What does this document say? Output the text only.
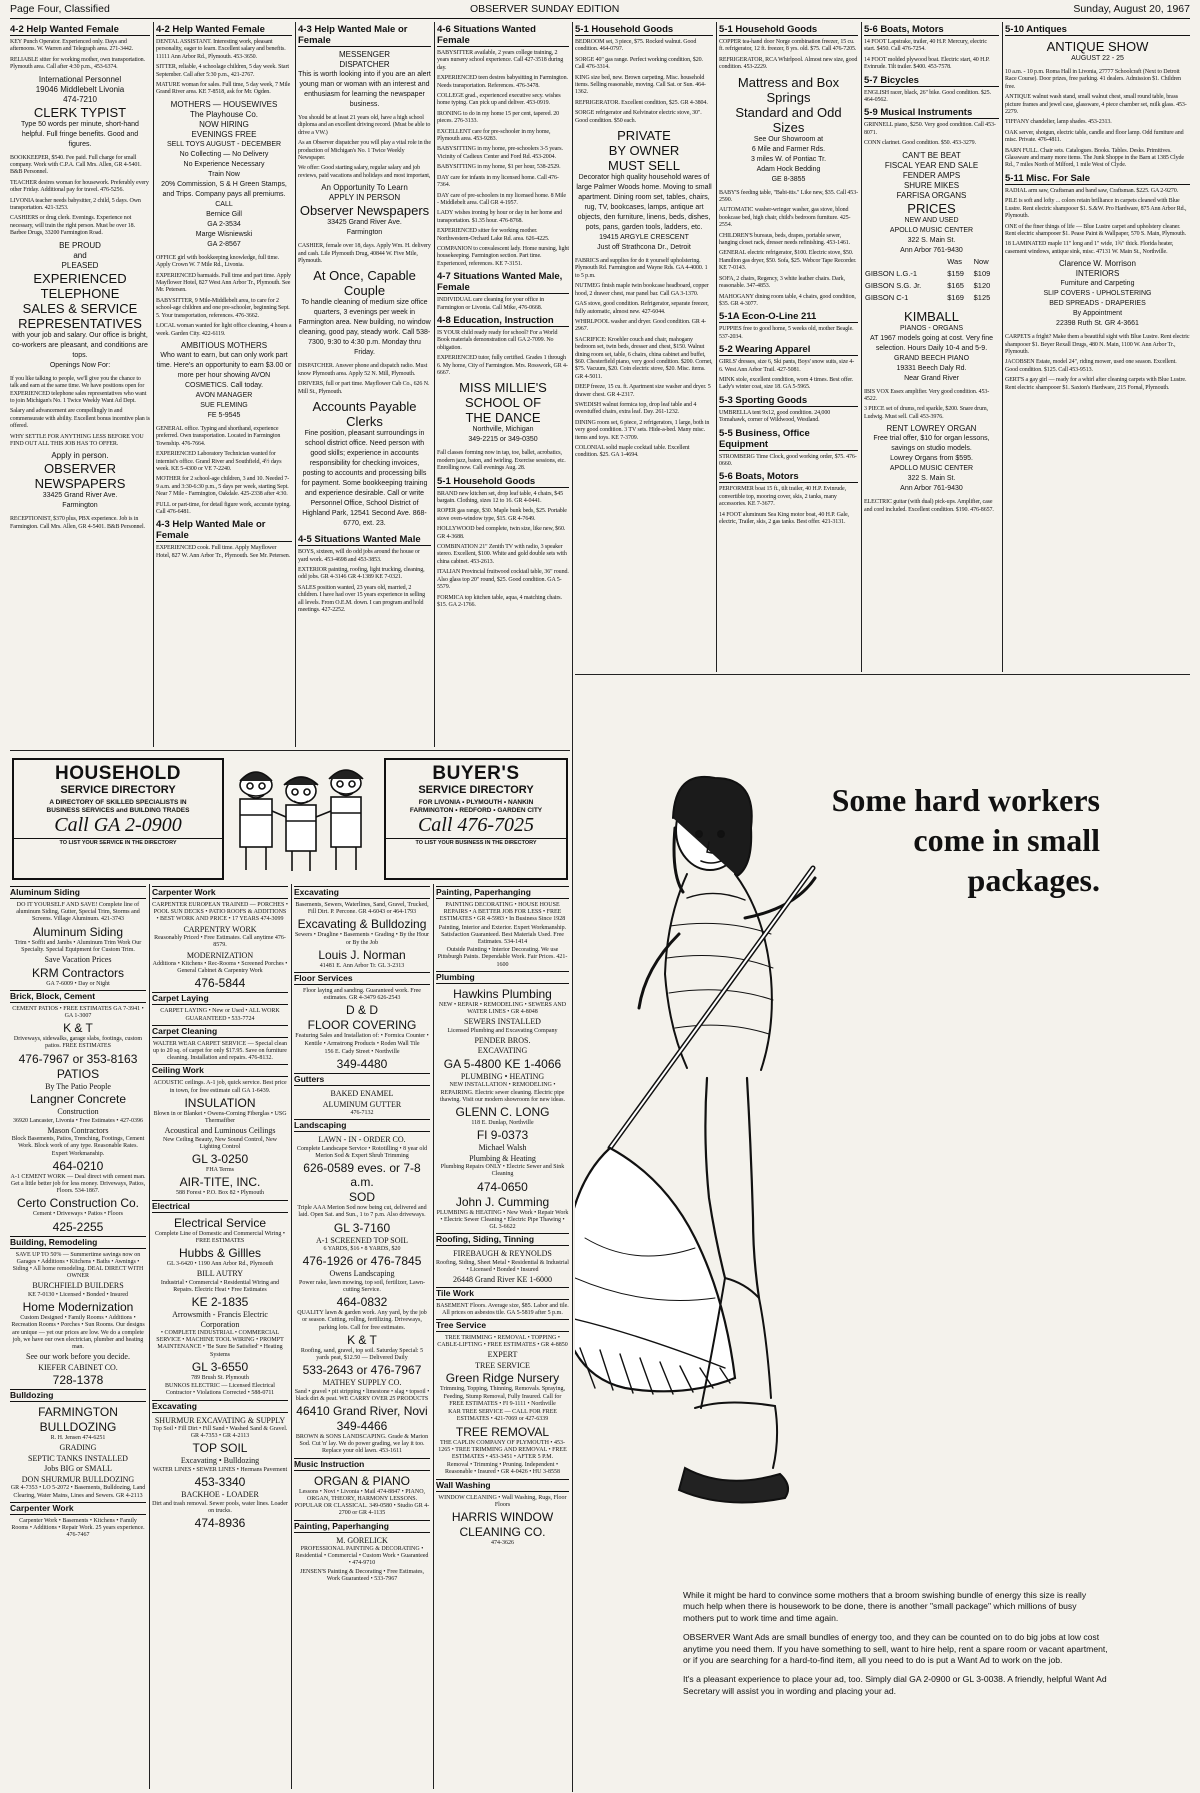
Page Four, Classified	OBSERVER SUNDAY EDITION	Sunday, August 20, 1967
4-2 Help Wanted Female
KEY Punch Operator. Experienced only. Days and afternoons. W. Warren and Telegraph area. 271-3442.
RELIABLE sitter for working mother, own transportation. Plymouth area. Call after 4:30 p.m., 453-6374.
International Personnel
19046 Middlebelt Livonia
474-7210
CLERK TYPIST
Type 50 words per minute, short-hand helpful. Full fringe benefits. Good and figures.
BOOKKEEPER, $540. Fee paid. Full charge for small company. Work with C.P.A. Call Mrs. Allen, GR 4-5401. B&B Personnel.
TEACHER desires woman for housework. Preferably every other Friday. Additional pay for travel. 476-5256.
LIVONIA teacher needs babysitter, 2 child, 5 days. Own transportation. 421-3253.
CASHIERS or drug clerk. Evenings. Experience not necessary, will train the right person. Must be over 18. Barbee Drugs, 33200 Farmington Road.
BE PROUD
and
PLEASED
EXPERIENCED
TELEPHONE
SALES & SERVICE
REPRESENTATIVES
with your job and salary. Our office is bright, co-workers are pleasant, and conditions are tops.
Openings Now For:
If you like talking to people, we'll give you the chance to talk and earn at the same time. We have positions open for EXPERIENCED telephone sales representatives who want to join Michigan's No. 1 Twice Weekly Want Ad Dept.
Salary and advancement are compellingly in and commensurate with ability. Excellent bonus incentive plan is offered.
WHY SETTLE FOR ANYTHING LESS BEFORE YOU FIND OUT ALL THIS JOB HAS TO OFFER.
Apply in person.
OBSERVER
NEWSPAPERS
33425 Grand River Ave.
Farmington
RECEPTIONIST, $370 plus, PBX experience. Job is in Farmington. Call Mrs. Allen, GR 4-5401. B&B Personnel.
4-2 Help Wanted Female
DENTAL ASSISTANT. Interesting work, pleasant personality, eager to learn. Excellent salary and benefits. 11111 Ann Arbor Rd., Plymouth. 453-3650.
SITTER, reliable, 4 schoolage children, 5 day week. Start September. Call after 5:30 p.m., 421-2767.
MATURE woman for sales. Full time, 5 day week, 7 Mile Grand River area. KE 7-8518, ask for Mr. Ogden.
MOTHERS — HOUSEWIVES
The Playhouse Co.
NOW HIRING
EVENINGS FREE
SELL TOYS AUGUST - DECEMBER
No Collecting — No Delivery
No Experience Necessary
Train Now
20% Commission, S & H Green Stamps, and Trips. Company pays all premiums.
CALL
Bernice Gill
GA 2-3534
Marge Wisniewski
GA 2-8567
OFFICE girl with bookkeeping knowledge, full time. Apply Crown W. 7 Mile Rd., Livonia.
EXPERIENCED barmaids. Full time and part time. Apply Mayflower Hotel, 827 West Ann Arbor Tr., Plymouth. See Mr. Petersen.
BABYSITTER, 9 Mile-Middlebelt area, to care for 2 school-age children and one pre-schooler, beginning Sept. 5. Your transportation, references. 476-3662.
LOCAL woman wanted for light office cleaning, 4 hours a week. Garden City. 422-6119.
AMBITIOUS MOTHERS
Who want to earn, but can only work part time. Here's an opportunity to earn $3.00 or more per hour showing AVON COSMETICS. Call today.
AVON MANAGER
SUE FLEMING
FE 5-9545
GENERAL office. Typing and shorthand, experience preferred. Own transportation. Located in Farmington Township. 476-7664.
EXPERIENCED Laboratory Technician wanted for internist's office. Grand River and Southfield, 4½ days week. KE 5-4300 or VE 7-2240.
MOTHER for 2 school-age children, 3 and 10. Needed 7-9 a.m. and 3:30-6:30 p.m., 5 days per week, starting Sept. Near 7 Mile - Farmington, Oakdale. 425-2338 after 4:30.
FULL or part-time, for detail figure work, accurate typing. Call 476-6481.
4-3 Help Wanted Male or Female
EXPERIENCED cook. Full time. Apply Mayflower Hotel, 827 W. Ann Arbor Tr., Plymouth. See Mr. Petersen.
4-3 Help Wanted Male or Female
MESSENGER
DISPATCHER
This is worth looking into if you are an alert young man or woman with an interest and enthusiasm for learning the newspaper business.
You should be at least 21 years old, have a high school diploma and an excellent driving record. (Must be able to drive a VW.)
As an Observer dispatcher you will play a vital role in the production of Michigan's No. 1 Twice Weekly Newspaper.
We offer: Good starting salary, regular salary and job reviews, paid vacations and holidays and most important,
An Opportunity To Learn
APPLY IN PERSON
Observer Newspapers
33425 Grand River Ave.
Farmington
CASHIER, female over 18, days. Apply Wm. H. delivery and cash. Lile Plymouth Drug, 40844 W. Five Mile, Plymouth.
At Once, Capable Couple
To handle cleaning of medium size office quarters, 3 evenings per week in Farmington area. New building, no window cleaning, good pay, steady work. Call 538-7300, 9:30 to 4:30 p.m. Monday thru Friday.
DISPATCHER. Answer phone and dispatch radio. Must know Plymouth area. Apply 52 N. Mill, Plymouth.
DRIVERS, full or part time. Mayflower Cab Co., 626 N. Mill St., Plymouth.
Accounts Payable Clerks
Fine position, pleasant surroundings in school district office. Need person with good skills; experience in accounts responsibility for checking invoices, posting to accounts and processing bills for payment. Some bookkeeping training and experience desirable. Call or write Personnel Office, School District of Highland Park, 12541 Second Ave. 868-6770, ext. 23.
4-5 Situations Wanted Male
BOYS, sixteen, will do odd jobs around the house or yard work. 453-4698 and 453-3853.
EXTERIOR painting, roofing, light trucking, cleaning, odd jobs. GR 4-3146 GR 4-1389 KE 7-0321.
SALES position wanted, 23 years old, married, 2 children. I have had over 15 years experience in selling all levels. From O.E.M. down. I can program and hold meetings. 427-2252.
4-6 Situations Wanted Female
BABYSITTER available, 2 years college training, 2 years nursery school experience. Call 427-3518 during day.
EXPERIENCED teen desires babysitting in Farmington. Needs transportation. References. 476-3478.
COLLEGE grad., experienced executive secy. wishes home typing. Can pick up and deliver. 453-0919.
IRONING to do in my home 15 per cent, tapered. 20 pieces. 276-3133.
EXCELLENT care for pre-schooler in my home, Plymouth area. 453-9283.
BABYSITTING in my home, pre-schoolers 3-5 years. Vicinity of Cadieux Center and Ford Rd. 453-2004.
BABYSITTING in my home, $1 per hour, 538-2529.
DAY care for infants in my licensed home. Call 476-7364.
DAY care of pre-schoolers in my licensed home. 8 Mile - Middlebelt area. Call GR 4-1957.
LADY wishes ironing by hour or day in her home and transportation. $1.35 hour. 476-8768.
EXPERIENCED sitter for working mother. Northwestern-Orchard Lake Rd. area. 626-4225.
COMPANION to convalescent lady. Home nursing, light housekeeping. Farmington section. Part time. Experienced, references. KE 7-3151.
4-7 Situations Wanted Male, Female
INDIVIDUAL care cleaning for your office in Farmington or Livonia. Call Mike, 476-0668.
4-8 Education, Instruction
IS YOUR child ready ready for school? For a World Book materials demonstration call GA 2-7099. No obligation.
EXPERIENCED tutor, fully certified. Grades 1 through 6. My home, City of Farmington. Mrs. Rosswork, GR 4-6667.
MISS MILLIE'S SCHOOL OF
THE DANCE
Northville, Michigan
349-2215 or 349-0350
Fall classes forming now in tap, toe, ballet, acrobatics, modern jazz, baton, and twirling. Exercise sessions, etc. Enrolling now. Call evenings Aug. 28.
5-1 Household Goods
BRAND new kitchen set, drop leaf table, 4 chairs, $45 bargain. Clothing, sizes 12 to 16. GR 4-0441.
ROPER gas range, $30. Maple bunk beds, $25. Portable stove oven-window type, $15. GR 4-7649.
HOLLYWOOD bed complete, twin size, like new, $60. GR 4-3688.
COMBINATION 21" Zenith TV with radio, 3 speaker stereo. Excellent, $100. White and gold double sets with china cabinet. 453-2613.
ITALIAN Provincial fruitwood cocktail table, 36" round. Also glass top 20" round, $25. Good condition. GA 5-5579.
FORMICA top kitchen table, aqua, 4 matching chairs. $15. GA 2-1766.
5-1 Household Goods
BEDROOM set, 3 piece, $75. Rocked walnut. Good condition. 464-0797.
SORGE 40" gas range. Perfect working condition, $20. Call 476-3314.
KING size bed, new. Brown carpeting. Misc. household items. Selling reasonable, moving. Call Sat. or Sun. 464-1362.
REFRIGERATOR. Excellent condition, $25. GR 4-3804.
SORGE refrigerator and Kelvinator electric stove, 30". Good condition. $50 each.
PRIVATE
BY OWNER
MUST SELL
Decorator high quality household wares of large Palmer Woods home. Moving to small apartment. Dining room set, tables, chairs, rug, TV, bookcases, lamps, antique art objects, den furniture, linens, beds, dishes, pots, pans, garden tools, ladders, etc.
19415 ARGYLE CRESCENT
Just off Strathcona Dr., Detroit
FABRICS and supplies for do it yourself upholstering. Plymouth Rd. Farmington and Wayne Rds. GA 4-4000. 1 to 5 p.m.
NUTMEG finish maple twin bookcase headboard, copper hood, 2 drawer chest, rear panel bar. Call GA 3-1370.
GAS stove, good condition. Refrigerator, separate freezer, fully automatic, almost new. 427-6044.
WHIRLPOOL washer and dryer. Good condition. GR 4-2967.
SACRIFICE: Kroehler couch and chair, mahogany bedroom set, twin beds, dresser and chest, $150. Walnut dining room set, table, 6 chairs, china cabinet and buffet, $60. Chesterfield piano, very good condition. $200. Cornet, $75. Vacuum, $20. Coin electric stove, $20. Misc. items. GR 4-5011.
DEEP freeze, 15 cu. ft. Apartment size washer and dryer. 5 drawer chest. GR 4-2317.
SWEDISH walnut formica top, drop leaf table and 4 overstuffed chairs, extra leaf. Day. 261-1232.
DINING room set, 6 piece, 2 refrigerators, 1 large, both in very good condition. 3 TV sets. Hide-a-bed. Many misc. items and toys. KE 7-3709.
COLONIAL solid maple cocktail table. Excellent condition. $25. GA 1-4694.
5-1 Household Goods
COPPER tea-hand door Norge combination freezer, 15 cu. ft. refrigerator, 12 ft. freezer, 8 yrs. old. $75. Call 476-7205.
REFRIGERATOR, RCA Whirlpool. Almost new size, good condition. 453-2229.
Mattress and Box Springs
Standard and Odd Sizes
See Our Showroom at
6 Mile and Farmer Rds.
3 miles W. of Pontiac Tr.
Adam Hock Bedding
GE 8-3855
BABY'S feeding table, "Babi-itis." Like new, $35. Call 453-2590.
AUTOMATIC washer-wringer washer, gas stove, blond bookcase bed, high chair, child's bedroom furniture. 425-2554.
CHILDREN'S bureaus, beds, drapes, portable sewer, hanging closet rack, dresser needs refinishing. 453-1461.
GENERAL electric refrigerator, $100. Electric stove, $50. Hamilton gas dryer, $50. Sofa, $25. Webcor Tape Recorder. KE 7-0143.
SOFA, 2 chairs, Regency, 3 white leather chairs. Dark, reasonable. 347-4853.
MAHOGANY dining room table, 4 chairs, good condition, $35. GR 4-3077.
5-1A Econ-O-Line 211
PUPPIES free to good home, 5 weeks old, mother Beagle. 537-2034.
5-2 Wearing Apparel
GIRLS' dresses, size 6, Ski pants, Boys' snow suits, size 4-6. West Ann Arbor Trail. 427-5081.
MINK stole, excellent condition, worn 4 times. Best offer. Lady's winter coat, size 18. GA 5-5965.
5-3 Sporting Goods
UMBRELLA tent 9x12, good condition. 24,000 Tomahawk, corner of Wildwood, Westland.
5-5 Business, Office Equipment
STROMBERG Time Clock, good working order, $75. 476-0660.
5-6 Boats, Motors
PERFORMER boat 15 ft., tilt trailer, 40 H.P. Evinrude, convertible top, mooring cover, skis, 2 tanks, many accessories. KE 7-3677.
14 FOOT aluminum Sea King motor boat, 40 H.P. Gale, electric, Trailer, skis, 2 gas tanks. Best offer. 421-3131.
5-6 Boats, Motors
14 FOOT Lapstrake, trailer, 40 H.P. Mercury, electric start. $450. Call 476-7254.
14 FOOT molded plywood boat. Electric start, 40 H.P. Evinrude. Tilt trailer. $400. 453-7578.
5-7 Bicycles
ENGLISH racer, black, 26" bike. Good condition. $25. 464-0562.
5-9 Musical Instruments
GRINNELL piano, $250. Very good condition. Call 453-8071.
CONN clarinet. Good condition. $50. 453-3279.
CAN'T BE BEAT
FISCAL YEAR END SALE
FENDER AMPS
SHURE MIKES
FARFISA ORGANS
PRICES
NEW AND USED
APOLLO MUSIC CENTER
322 S. Main St.
Ann Arbor 761-9430
	Was	Now
GIBSON L.G.-1	$159	$109
GIBSON S.G. Jr.	$165	$120
GIBSON C-1	$169	$125
KIMBALL
PIANOS - ORGANS
AT 1967 models going at cost. Very fine selection. Hours Daily 10-4 and 5-9.
GRAND BEECH PIANO
19331 Beech Daly Rd.
Near Grand River
IBIS VOX Essex amplifier. Very good condition. 453-4522.
3 PIECE set of drums, red sparkle, $200. Snare drum, Ludwig. Must sell. Call 453-3976.
RENT LOWREY ORGAN
Free trial offer, $10 for organ lessons, savings on studio models.
Lowrey Organs from $595.
APOLLO MUSIC CENTER
322 S. Main St.
Ann Arbor 761-9430
ELECTRIC guitar (with dual) pick-ups. Amplifier, case and cord included. Excellent condition. $190. 476-8657.
5-10 Antiques
ANTIQUE SHOW
AUGUST 22 - 25
10 a.m. - 10 p.m. Roma Hall in Livonia, 27777 Schoolcraft (Next to Detroit Race Course). Door prizes, free parking. 41 dealers. Admission $1. Children free.
ANTIQUE walnut wash stand, small walnut chest, small round table, brass picture frames and jewel case, glassware, 4 piece chamber set, milk glass. 453-2279.
TIFFANY chandelier, lamp shades. 453-2313.
OAK server, shotgun, electric table, candle and floor lamp. Odd furniture and misc. Private. 476-4811.
BARN FULL. Chair sets. Catalogues. Books. Tables. Desks. Primitives. Glassware and many more items. The Junk Shoppe in the Barn at 1385 Clyde Rd., 7 miles North of Milford, 1 mile West of Clyde.
5-11 Misc. For Sale
RADIAL arm saw, Craftsman and band saw, Craftsman. $225. GA 2-9270.
PILE is soft and lofty ... colors retain brilliance in carpets cleaned with Blue Lustre. Rent electric shampooer $1. S.&W. Pro Hardware, 875 Ann Arbor Rd., Plymouth.
ONE of the finer things of life — Blue Lustre carpet and upholstery cleaner. Rent electric shampooer $1. Pease Paint & Wallpaper, 570 S. Main, Plymouth.
18 LAMINATED maple 11" long and 1" wide, 1¾" thick. Florida heater, casement windows, antique sink, misc. 47131 W. Main St., Northville.
Clarence W. Morrison
INTERIORS
Furniture and Carpeting
SLIP COVERS - UPHOLSTERING
BED SPREADS - DRAPERIES
By Appointment
22398 Ruth St. GR 4-3661
CARPETS a fright? Make them a beautiful sight with Blue Lustre. Rent electric shampooer $1. Beyer Rexall Drugs, 480 N. Main, 1100 W. Ann Arbor Tr., Plymouth.
JACOBSEN Estate, model 24", riding mower, used one season. Excellent. Good condition. $125. Call 453-9513.
GERT'S a gay girl — ready for a whirl after cleaning carpets with Blue Lustre. Rent electric shampooer $1. Saxton's Hardware, 215 Fornal, Plymouth.
HOUSEHOLD
SERVICE DIRECTORY
A DIRECTORY OF SKILLED SPECIALISTS IN
BUSINESS SERVICES and BUILDING TRADES
Call GA 2-0900
TO LIST YOUR SERVICE IN THE DIRECTORY
BUYER'S
SERVICE DIRECTORY
FOR LIVONIA • PLYMOUTH • NANKIN
FARMINGTON • REDFORD • GARDEN CITY
Call 476-7025
TO LIST YOUR BUSINESS IN THE DIRECTORY
Aluminum Siding
DO IT YOURSELF AND SAVE! Complete line of aluminum Siding, Gutter, Special Trim, Storms and Screens. Village Aluminum. 421-3743
Aluminum Siding
Trim • Soffit and Jambs • Aluminum Trim Work Our Specialty. Special Equipment for Custom Trim.
Save Vacation Prices
KRM Contractors
GA 7-6009 • Day or Night
Brick, Block, Cement
CEMENT PATIOS • FREE ESTIMATES GA 7-3941 • GA 1-3007
K & T
Driveways, sidewalks, garage slabs, footings, custom patios. FREE ESTIMATES
476-7967 or 353-8163
PATIOS
By The Patio People
Langner Concrete
Construction
36920 Lancaster, Livonia • Free Estimates • 427-0396
Mason Contractors
Block Basements, Patios, Trenching, Footings, Cement Work. Block work of any type. Reasonable Rates. Expert Workmanship.
464-0210
A-1 CEMENT WORK — Deal direct with cement man. Get a little better job for less money. Driveways, Patios, Floors. 534-1867.
Certo Construction Co.
Cement • Driveways • Patios • Floors
425-2255
Building, Remodeling
SAVE UP TO 50% — Summertime savings now on Garages • Additions • Kitchens • Baths • Awnings • Siding • All home remodeling. DEAL DIRECT WITH OWNER
BURCHFIELD BUILDERS
KE 7-0130 • Licensed • Bonded • Insured
Home Modernization
Custom Designed • Family Rooms • Additions • Recreation Rooms • Porches • Sun Rooms. Our designs are unique — yet our prices are low. We do a complete job, we have our own electrician, plumber and heating man.
See our work before you decide.
KIEFER CABINET CO.
728-1378
Bulldozing
FARMINGTON
BULLDOZING
R. H. Jensen 474-6251
GRADING
SEPTIC TANKS INSTALLED
Jobs BIG or SMALL
DON SHURMUR BULLDOZING
GR 4-7353 • LO 5-2072 • Basements, Bulldozing, Land Clearing, Water Mains, Lines and Sewers. GR 4-2113
Carpenter Work
Carpenter Work • Basements • Kitchens • Family Rooms • Additions • Repair Work. 25 years experience. 476-7467
Carpenter Work
CARPENTER EUROPEAN TRAINED — PORCHES • POOL SUN DECKS • PATIO ROOFS & ADDITIONS • BEST WORK AND PRICE • 17 YEARS 474-3099
CARPENTRY WORK
Reasonably Priced • Free Estimates. Call anytime 476-8579.
MODERNIZATION
Additions • Kitchens • Rec-Rooms • Screened Porches • General Cabinet & Carpentry Work
476-5844
Carpet Laying
CARPET LAYING • New or Used • ALL WORK GUARANTEED • 533-7724
Carpet Cleaning
WALTER WEAR CARPET SERVICE — Special clean up to 20 sq. of carpet for only $17.95. Save on furniture cleaning. Installation and repairs. 476-8132.
Ceiling Work
ACOUSTIC ceilings. A-1 job, quick service. Best price in town, for free estimate call GA 1-6439.
INSULATION
Blown in or Blanket • Owens-Corning Fiberglas • USG Thermafiber
Acoustical and Luminous Ceilings
New Ceiling Beauty, New Sound Control, New Lighting Control
GL 3-0250
FHA Terms
AIR-TITE, INC.
588 Forest • P.O. Box 82 • Plymouth
Electrical
Electrical Service
Complete Line of Domestic and Commercial Wiring • FREE ESTIMATES
Hubbs & Gillles
GL 3-6420 • 1190 Ann Arbor Rd., Plymouth
BILL AUTRY
Industrial • Commercial • Residential Wiring and Repairs. Electric Heat • Free Estimates
KE 2-1835
Arrowsmith - Francis Electric Corporation
• COMPLETE INDUSTRIAL • COMMERCIAL SERVICE • MACHINE TOOL WIRING • PROMPT MAINTENANCE • 'Be Sure Be Satisfied' • Heating Systems
GL 3-6550
789 Brush St. Plymouth
BUNKOS ELECTRIC — Licensed Electrical Contractor • Violations Corrected • 588-0711
Excavating
SHURMUR EXCAVATING & SUPPLY
Top Soil • Fill Dirt • Fill Sand • Washed Sand & Gravel. GR 4-7353 • GR 4-2113
TOP SOIL
Excavating • Bulldozing
WATER LINES • SEWER LINES • Hermans Pavement
453-3340
BACKHOE - LOADER
Dirt and trash removal. Sewer pools, water lines. Loader on trucks.
474-8936
Excavating
Basements, Sewers, Waterlines, Sand, Gravel, Trucked, Fill Dirt. P. Percone. GR 4-6043 or 464-1793
Excavating & Bulldozing
Sewers • Dragline • Basements • Grading • By the Hour or By the Job
Louis J. Norman
41481 E. Ann Arbor Tr. GL 3-2313
Floor Services
Floor laying and sanding. Guaranteed work. Free estimates. GR 4-3479 626-2543
D & D
FLOOR COVERING
Featuring Sales and Installation of: • Formica Counter • Kentile • Armstrong Products • Roden Wall Tile
156 E. Cady Street • Northville
349-4480
Gutters
BAKED ENAMEL
ALUMINUM GUTTER
476-7132
Landscaping
LAWN - IN - ORDER CO.
Complete Landscape Service • Rototilling • 8 year old Merion Sod & Expert Shrub Trimming
626-0589 eves. or 7-8 a.m.
SOD
Triple AAA Merion Sod now being cut, delivered and laid. Open Sat. and Sun., 1 to 7 p.m. Also driveways.
GL 3-7160
A-1 SCREENED TOP SOIL
6 YARDS, $16 • 8 YARDS, $20
476-1926 or 476-7845
Owens Landscaping
Power rake, lawn mowing, top soil, fertilizer, Lawn-cutting Service.
464-0832
QUALITY lawn & garden work. Any yard, by the job or season. Cutting, rolling, fertilizing. Driveways, parking lots. Call for free estimates.
K & T
Roofing, sand, gravel, top soil. Saturday Special: 5 yards peat, $12.50 — Delivered Daily
533-2643 or 476-7967
MATHEY SUPPLY CO.
Sand • gravel • pit stripping • limestone • slag • topsoil • black dirt & peat. WE CARRY OVER 25 PRODUCTS
46410 Grand River, Novi
349-4466
BROWN & SONS LANDSCAPING. Grade & Marion Sod. Cut 'n' lay. We do power grading, we lay it too. Replace your old lawn. 453-1611
Music Instruction
ORGAN & PIANO
Lessons • Novi • Livonia • Mail 474-8847 • PIANO, ORGAN, THEORY, HARMONY LESSONS. POPULAR OR CLASSICAL. 349-0580 • Studio GR 4-2700 or GR 4-1135
Painting, Paperhanging
M. GORELICK
PROFESSIONAL PAINTING & DECORATING • Residential • Commercial • Custom Work • Guaranteed • 474-9710
JENSEN'S Painting & Decorating • Free Estimates, Work Guaranteed • 533-7967
Painting, Paperhanging
PAINTING DECORATING • HOUSE HOUSE REPAIRS • A BETTER JOB FOR LESS • FREE ESTIMATES • GR 4-5983 • In Business Since 1928
Painting, Interior and Exterior. Expert Workmanship. Satisfaction Guaranteed. Best Materials Used. Free Estimates. 534-1414
Outside Painting • Interior Decorating. We use Pittsburgh Paints. Dependable Work. Fair Prices. 421-1600
Plumbing
Hawkins Plumbing
NEW • REPAIR • REMODELING • SEWERS AND WATER LINES • GR 4-8048
SEWERS INSTALLED
Licensed Plumbing and Excavating Company
PENDER BROS.
EXCAVATING
GA 5-4800 KE 1-4066
PLUMBING • HEATING
NEW INSTALLATION • REMODELING • REPAIRING. Electric sewer cleaning. Electric pipe thawing. Visit our modern showroom for new ideas.
GLENN C. LONG
118 E. Dunlap, Northville
FI 9-0373
Michael Walsh
Plumbing & Heating
Plumbing Repairs ONLY • Electric Sewer and Sink Cleaning
474-0650
John J. Cumming
PLUMBING & HEATING • New Work • Repair Work • Electric Sewer Cleaning • Electric Pipe Thawing • GL 3-6622
Roofing, Siding, Tinning
FIREBAUGH & REYNOLDS
Roofing, Siding, Sheet Metal • Residential & Industrial • Licensed • Bonded • Insured
26448 Grand River KE 1-6000
Tile Work
BASEMENT Floors. Average size, $85. Labor and tile. All prices on asbestos tile. GA 5-5819 after 5 p.m.
Tree Service
TREE TRIMMING • REMOVAL • TOPPING • CABLE-LIFTING • FREE ESTIMATES • GR 4-8850
EXPERT
TREE SERVICE
Green Ridge Nursery
Trimming, Topping, Thinning, Removals. Spraying, Feeding, Stump Removal, Fully Insured. Call for FREE ESTIMATES • FI 9-1111 • Northville
KAR TREE SERVICE — CALL FOR FREE ESTIMATES • 421-7069 or 427-6339
TREE REMOVAL
THE CAPLIN COMPANY OF PLYMOUTH • 453-1265 • TREE TRIMMING AND REMOVAL • FREE ESTIMATES • 453-3451 • AFTER 5 P.M.
Removal • Trimming • Pruning. Independent • Reasonable • Insured • GR 4-0426 • HU 3-8558
Wall Washing
WINDOW CLEANING • Wall Washing, Rugs, Floor Floors
HARRIS WINDOW
CLEANING CO.
474-3626
Some hard workers
come in small
packages.

While it might be hard to convince some mothers that a broom swishing bundle of energy this size is really much help when there is housework to be done, there is another "small package" which millions of busy mothers put to work time and time again.

OBSERVER Want Ads are small bundles of energy too, and they can be counted on to do big jobs at low cost anytime you need them. If you have something to sell, want to hire help, rent a spare room or vacant apartment, or if you are searching for a hard-to-find item, all you need to do is put a Want Ad to work on the job.

It's a pleasant experience to place your ad, too. Simply dial GA 2-0900 or GL 3-0038. A friendly, helpful Want Ad Secretary will assist you in wording and placing your ad.
